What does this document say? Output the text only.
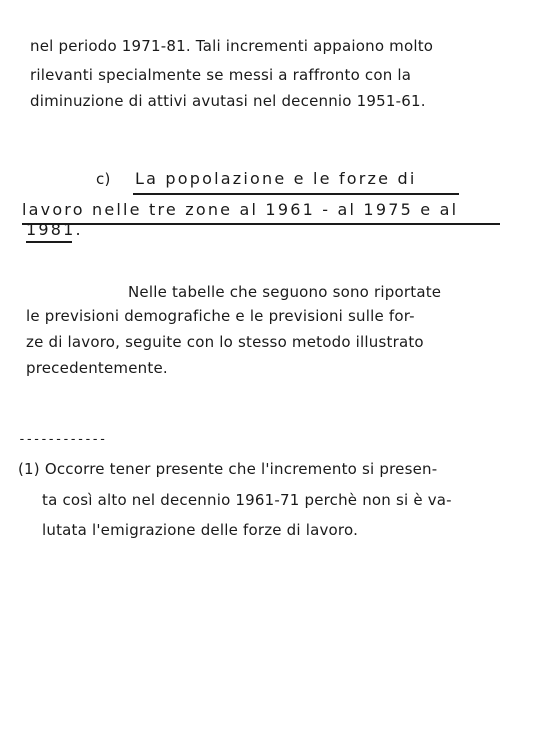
nel periodo 1971-81. Tali incrementi appaiono molto
rilevanti specialmente se messi a raffronto con la
diminuzione di attivi avutasi nel decennio 1951-61.
c) La popolazione e le forze di
lavoro nelle tre zone al 1961 - al 1975 e al
1981.
Nelle tabelle che seguono sono riportate
le previsioni demografiche e le previsioni sulle for-
ze di lavoro, seguite con lo stesso metodo illustrato
precedentemente.
------------
(1) Occorre tener presente che l'incremento si presen-
ta così alto nel decennio 1961-71 perchè non si è va-
lutata l'emigrazione delle forze di lavoro.
